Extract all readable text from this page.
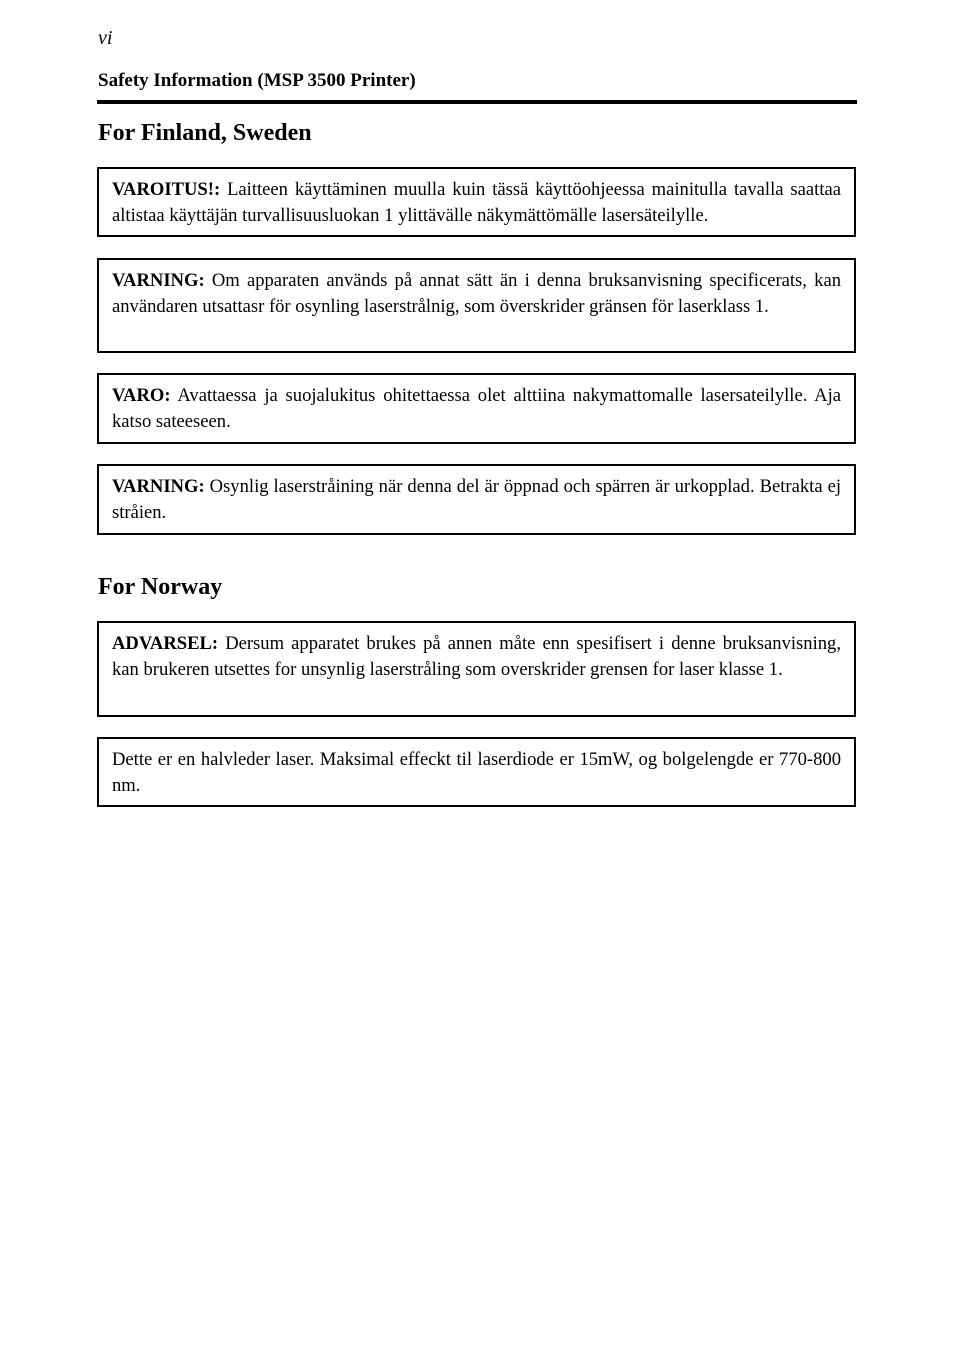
vi
Safety Information (MSP 3500 Printer)
For Finland, Sweden
VAROITUS!: Laitteen käyttäminen muulla kuin tässä käyttöohjeessa mainitulla tavalla saattaa altistaa käyttäjän turvallisuusluokan 1 ylittävälle näkymättömälle lasersäteilylle.
VARNING: Om apparaten används på annat sätt än i denna bruksanvisning specificerats, kan användaren utsattasr för osynling laserstrålnig, som överskrider gränsen för laserklass 1.
VARO: Avattaessa ja suojalukitus ohitettaessa olet alttiina nakymattomalle lasersateilylle. Aja katso sateeseen.
VARNING: Osynlig laserstråining när denna del är öppnad och spärren är urkopplad. Betrakta ej stråien.
For Norway
ADVARSEL: Dersum apparatet brukes på annen måte enn spesifisert i denne bruksanvisning, kan brukeren utsettes for unsynlig laserstråling som overskrider grensen for laser klasse 1.
Dette er en halvleder laser. Maksimal effeckt til laserdiode er 15mW, og bolgelengde er 770-800 nm.
